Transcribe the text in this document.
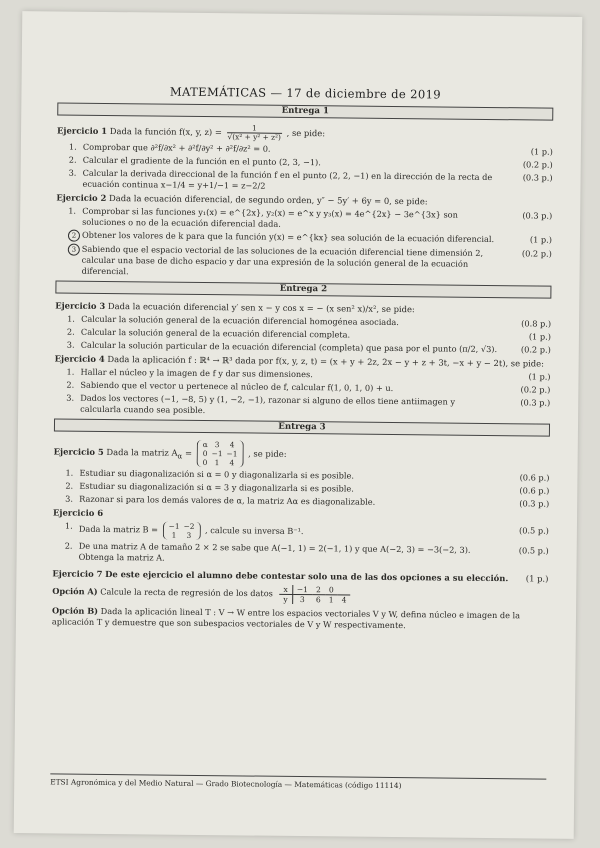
MATEMÁTICAS — 17 de diciembre de 2019
Entrega 1
Ejercicio 1 Dada la función f(x, y, $z) = \frac{1}{\text{√(x² + y² + z²)}}$ , se pide:
1. Comprobar que ∂²f/∂x² + ∂²f/∂y² + ∂²f/∂z² = 0.	(1 p.)
2. Calcular el gradiente de la función en el punto (2, 3, −1).	(0.2 p.)
3. Calcular la derivada direccional de la función f en el punto (2, 2, −1) en la dirección de la recta de ecuación continua x−1/4 = y+1/−1 = z−2/2
(0.3 p.)
Ejercicio 2 Dada la ecuación diferencial, de segundo orden, y″ − 5y′ + 6y = 0, se pide:
1. Comprobar si las funciones y₁(x) = e^{2x}, y₂(x) = e^x y y₃(x) = 4e^{2x} − 3e^{3x} son soluciones o no de la ecuación diferencial dada.
(0.3 p.)
2 Obtener los valores de k para que la función y(x) = e^{kx} sea solución de la ecuación diferencial.	(1 p.)
3 Sabiendo que el espacio vectorial de las soluciones de la ecuación diferencial tiene dimensión 2, calcular una base de dicho espacio y dar una expresión de la solución general de la ecuación diferencial.
(0.2 p.)
Entrega 2
Ejercicio 3 Dada la ecuación diferencial y′ sen x − y cos x = − (x sen² x)/x², se pide:
1. Calcular la solución general de la ecuación diferencial homogénea asociada.	(0.8 p.)
2. Calcular la solución general de la ecuación diferencial completa.	(1 p.)
3. Calcular la solución particular de la ecuación diferencial (completa) que pasa por el punto (π/2, √3).	(0.2 p.)
Ejercicio 4 Dada la aplicación f : ℝ⁴ → ℝ³ dada por f(x, y, z, t) = (x + y + 2z, 2x − y + z + 3t, −x + y − 2t), se pide:
1. Hallar el núcleo y la imagen de f y dar sus dimensiones.	(1 p.)
2. Sabiendo que el vector u pertenece al núcleo de f, calcular f(1, 0, 1, 0) + u.	(0.2 p.)
3. Dados los vectores (−1, −8, 5) y (1, −2, −1), razonar si alguno de ellos tiene antiimagen y calcularla cuando sea posible.
(0.3 p.)
Entrega 3
Ejercicio 5 Dada la matriz $A_\alpha$ =
α	3	4
0	−1	−1
0	1	4
, se pide:
1. Estudiar su diagonalización si α = 0 y diagonalizarla si es posible.	(0.6 p.)
2. Estudiar su diagonalización si α = 3 y diagonalizarla si es posible.	(0.6 p.)
3. Razonar si para los demás valores de α, la matriz Aα es diagonalizable.	(0.3 p.)
Ejercicio 6
1. Dada la matriz B = −1	−2
1	3 , calcule su inversa B⁻¹.	(0.5 p.)
2. De una matriz A de tamaño 2 × 2 se sabe que A(−1, 1) = 2(−1, 1) y que A(−2, 3) = −3(−2, 3). Obtenga la matriz A.
(0.5 p.)
Ejercicio 7 De este ejercicio el alumno debe contestar solo una de las dos opciones a su elección.	(1 p.)
Opción A) Calcule la recta de regresión de los datos x	−1	2	0	
y	3	6	1	4
Opción B) Dada la aplicación lineal T : V → W entre los espacios vectoriales V y W, defina núcleo e imagen de la aplicación T y demuestre que son subespacios vectoriales de V y W respectivamente.
ETSI Agronómica y del Medio Natural — Grado Biotecnología — Matemáticas (código 11114)
